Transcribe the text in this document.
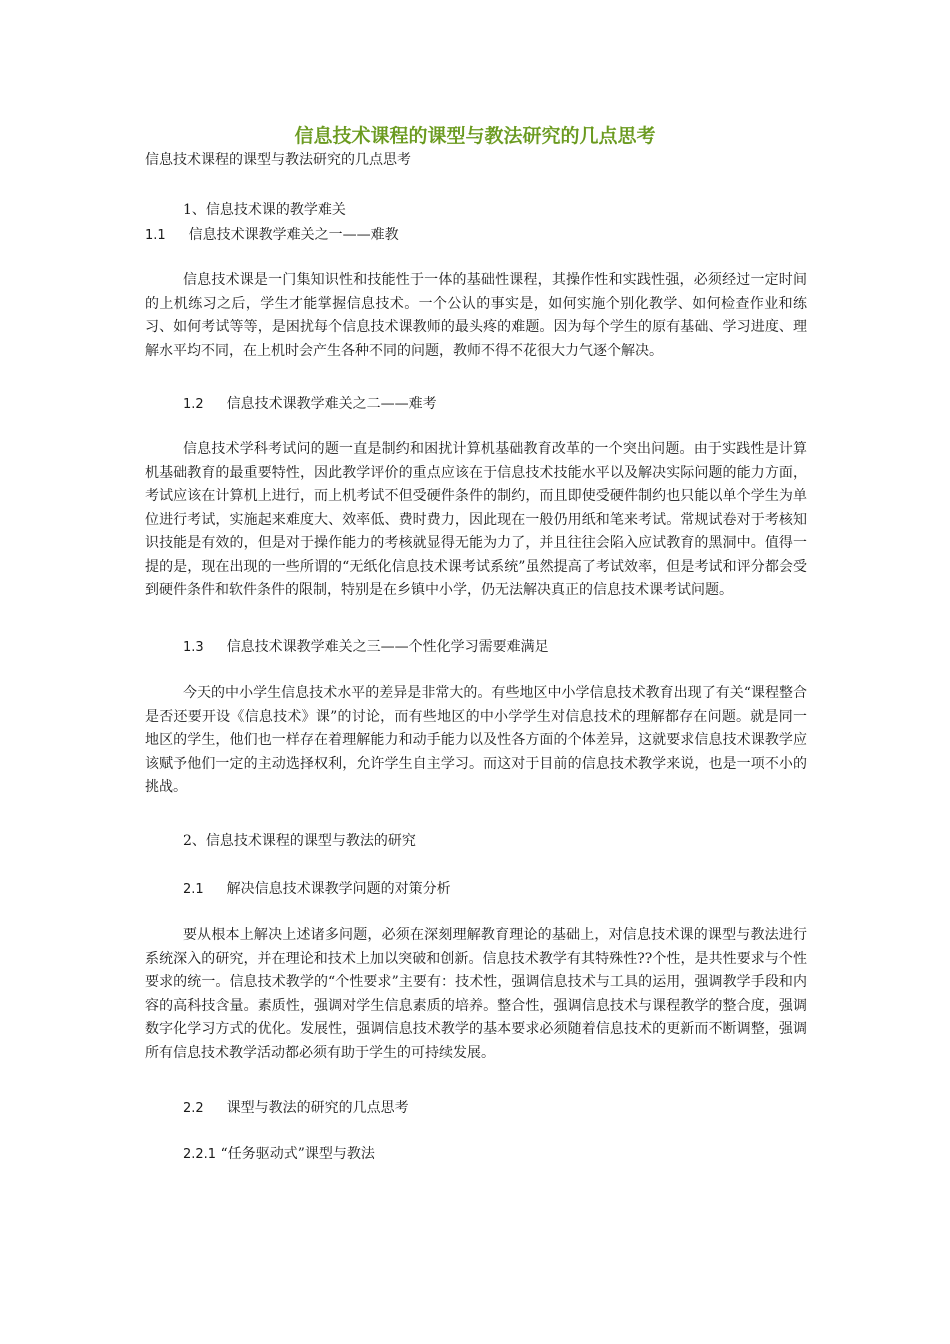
信息技术课程的课型与教法研究的几点思考
信息技术课程的课型与教法研究的几点思考
1、信息技术课的教学难关
1.1 信息技术课教学难关之一——难教
信息技术课是一门集知识性和技能性于一体的基础性课程，其操作性和实践性强，必须经过一定时间的上机练习之后，学生才能掌握信息技术。一个公认的事实是，如何实施个别化教学、如何检查作业和练习、如何考试等等，是困扰每个信息技术课教师的最头疼的难题。因为每个学生的原有基础、学习进度、理解水平均不同，在上机时会产生各种不同的问题，教师不得不花很大力气逐个解决。
1.2 信息技术课教学难关之二——难考
信息技术学科考试问的题一直是制约和困扰计算机基础教育改革的一个突出问题。由于实践性是计算机基础教育的最重要特性，因此教学评价的重点应该在于信息技术技能水平以及解决实际问题的能力方面，考试应该在计算机上进行，而上机考试不但受硬件条件的制约，而且即使受硬件制约也只能以单个学生为单位进行考试，实施起来难度大、效率低、费时费力，因此现在一般仍用纸和笔来考试。常规试卷对于考核知识技能是有效的，但是对于操作能力的考核就显得无能为力了，并且往往会陷入应试教育的黑洞中。值得一提的是，现在出现的一些所谓的“无纸化信息技术课考试系统”虽然提高了考试效率，但是考试和评分都会受到硬件条件和软件条件的限制，特别是在乡镇中小学，仍无法解决真正的信息技术课考试问题。
1.3 信息技术课教学难关之三——个性化学习需要难满足
今天的中小学生信息技术水平的差异是非常大的。有些地区中小学信息技术教育出现了有关“课程整合是否还要开设《信息技术》课”的讨论，而有些地区的中小学学生对信息技术的理解都存在问题。就是同一地区的学生，他们也一样存在着理解能力和动手能力以及性各方面的个体差异，这就要求信息技术课教学应该赋予他们一定的主动选择权利，允许学生自主学习。而这对于目前的信息技术教学来说，也是一项不小的挑战。
2、信息技术课程的课型与教法的研究
2.1 解决信息技术课教学问题的对策分析
要从根本上解决上述诸多问题，必须在深刻理解教育理论的基础上，对信息技术课的课型与教法进行系统深入的研究，并在理论和技术上加以突破和创新。信息技术教学有其特殊性??个性，是共性要求与个性要求的统一。信息技术教学的“个性要求”主要有：技术性，强调信息技术与工具的运用，强调教学手段和内容的高科技含量。素质性，强调对学生信息素质的培养。整合性，强调信息技术与课程教学的整合度，强调数字化学习方式的优化。发展性，强调信息技术教学的基本要求必须随着信息技术的更新而不断调整，强调所有信息技术教学活动都必须有助于学生的可持续发展。
2.2 课型与教法的研究的几点思考
2.2.1 “任务驱动式”课型与教法
